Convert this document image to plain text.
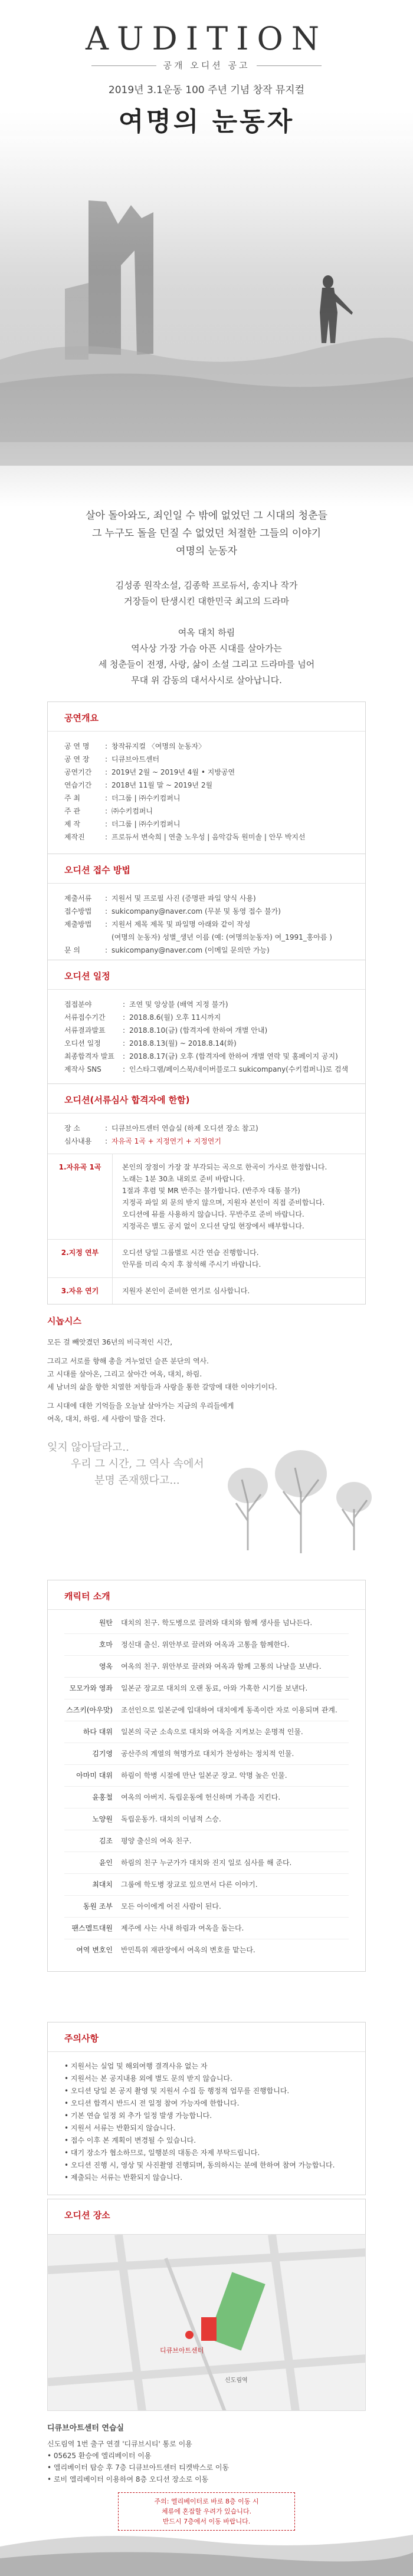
AUDITION
공개 오디션 공고
2019년 3.1운동 100 주년 기념 창작 뮤지컬
여명의 눈동자
살아 돌아와도, 죄인일 수 밖에 없었던 그 시대의 청춘들
그 누구도 돌을 던질 수 없었던 처절한 그들의 이야기
여명의 눈동자
김성종 원작소설, 김종학 프로듀서, 송지나 작가
거장들이 탄생시킨 대한민국 최고의 드라마
여옥 대치 하림
역사상 가장 가슴 아픈 시대를 살아가는
세 청춘들이 전쟁, 사랑, 삶이 소설 그리고 드라마를 넘어
무대 위 감동의 대서사시로 살아납니다.
공연개요
공 연 명	: 창작뮤지컬 〈여명의 눈동자〉
공 연 장	: 디큐브아트센터
공연기간	: 2019년 2월 ~ 2019년 4월 • 지방공연
연습기간	: 2018년 11월 말 ~ 2019년 2월
주 최	: 더그룹 | ㈜수키컴퍼니
주 관	: ㈜수키컴퍼니
제 작	: 더그룹 | ㈜수키컴퍼니
제작진	: 프로듀서 변숙희 | 연출 노우성 | 음악감독 원미솔 | 안무 박지선
오디션 접수 방법
제출서류	: 지원서 및 프로필 사진 (증명판 파일 양식 사용)
접수방법	: sukicompany@naver.com (무분 및 동영 접수 불가)
제출방법	: 지원서 제목 제목 및 파일명 아래와 같이 작성
(여명의 눈동자) 성별_생년 이름 (예: (여명의눈동자) 여_1991_홍아름 )
문 의	: sukicompany@naver.com (이메일 문의만 가능)
오디션 일정
접접분야	: 조연 및 앙상블 (배역 지정 불가)
서류접수기간	: 2018.8.6(월) 오후 11시까지
서류결과발표	: 2018.8.10(금) (합격자에 한하여 개별 안내)
오디션 일정	: 2018.8.13(월) ~ 2018.8.14(화)
최종합격자 발표	: 2018.8.17(금) 오후 (합격자에 한하여 개별 연락 및 홈페이지 공지)
제작사 SNS	: 인스타그램/페이스북/네이버블로그 sukicompany(수키컴퍼니)로 검색
오디션(서류심사 합격자에 한함)
장 소	: 디큐브아트센터 연습실 (하제 오디션 장소 참고)
심사내용	: 자유곡 1곡 + 지정연기 + 지정연기
1.자유곡 1곡	본인의 장점이 가장 잘 부각되는 곡으로 한곡이 가사로 한정합니다.
노래는 1분 30초 내외로 준비 바랍니다.
1절과 후렴 및 MR 반주는 불가합니다. (반주자 대동 불가)
지정곡 파일 외 문의 받지 않으며, 지원자 본인이 직접 준비합니다.
오디션에 뮤를 사용하지 않습니다. 무반주로 준비 바랍니다.
지정곡은 별도 공지 없이 오디션 당일 현장에서 배부합니다.
2.지정 연부	오디션 당일 그룹별로 시간 연습 진행합니다.
안무를 미리 숙지 후 참석해 주시기 바랍니다.
3.자유 연기	지원자 본인이 준비한 연기로 심사합니다.
시놉시스
모든 걸 빼앗겼던 36년의 비극적인 시간,
그리고 서로를 향해 총을 겨누었던 슬픈 분단의 역사.
고 시대를 살아온, 그리고 살아간 여옥, 대치, 하림.
세 남녀의 삶을 향한 치열한 저항들과 사랑을 통한 갈망에 대한 이야기이다.
그 시대에 대한 기억들을 오늘날 살아가는 지금의 우리들에게
여옥, 대치, 하림. 세 사람이 말을 건다.
잊지 않아달라고..
우리 그 시간, 그 역사 속에서
분명 존재했다고...
캐릭터 소개
원탄	대치의 친구. 학도병으로 끌려와 대치와 함께 생사를 넘나든다.
호마	정신대 출신. 위안부로 끌려와 여옥과 고통을 함께한다.
영옥	여옥의 친구. 위안부로 끌려와 여옥과 함께 고통의 나날을 보낸다.
모모가와 영좌	일본군 장교로 대치의 오랜 동료, 아와 가혹한 시기를 보낸다.
스즈키(아우맞)	조선인으로 일본군에 입대하여 대치에게 동족이란 자로 이용되며 관계.
하다 대위	일본의 국군 소속으로 대치와 여옥을 지켜보는 운명적 인물.
김기영	공산주의 계열의 혁명가로 대치가 찬성하는 정치적 인물.
아마미 대위	하림이 학병 시절에 만난 일본군 장교. 악명 높은 인물.
윤홍철	여옥의 아버지. 독립운동에 헌신하며 가족을 지킨다.
노양원	독립운동가. 대치의 이념적 스승.
김조	평양 출신의 여옥 친구.
윤인	하림의 친구 누군가가 대치와 진지 일로 심사를 해 준다.
최대치	그룹에 학도병 장교로 있으면서 다른 이야기.
동원 조부	모든 아이에게 어진 사람이 된다.
팬스멜트대원	제주에 사는 사내 하림과 여옥을 돕는다.
여역 변호인	반민특위 재판장에서 여옥의 변호를 맡는다.
주의사항
• 지원서는 실업 및 해외여행 결격사유 없는 자
• 지원서는 본 공지내용 외에 별도 문의 받지 않습니다.
• 오디션 당일 본 공지 촬영 및 지원서 수집 등 행정적 업무를 진행합니다.
• 오디션 합격시 반드시 전 일정 참여 가능자에 한합니다.
• 기본 연습 일정 외 추가 일정 발생 가능합니다.
• 지원서 서류는 반환되지 않습니다.
• 접수 이후 본 계획이 변경될 수 있습니다.
• 대기 장소가 협소하므로, 일행분의 대동은 자제 부탁드립니다.
• 오디션 진행 시, 영상 및 사진촬영 진행되며, 동의하시는 분에 한하여 참여 가능합니다.
• 제출되는 서류는 반환되지 않습니다.
오디션 장소
디큐브아트센터
신도림역
디큐브아트센터 연습실
신도림역 1번 출구 연결 '디큐브시티' 통로 이용
• 05625 환승에 엘리베이터 이용
• 엘리베이터 탑승 후 7층 디큐브아트센터 티켓박스로 이동
• 로비 엘리베이터 이용하여 8층 오디션 장소로 이동
주의: 엘리베이터로 바로 8층 이동 시
체류에 혼잡할 우려가 있습니다.
반드시 7층에서 이동 바랍니다.
